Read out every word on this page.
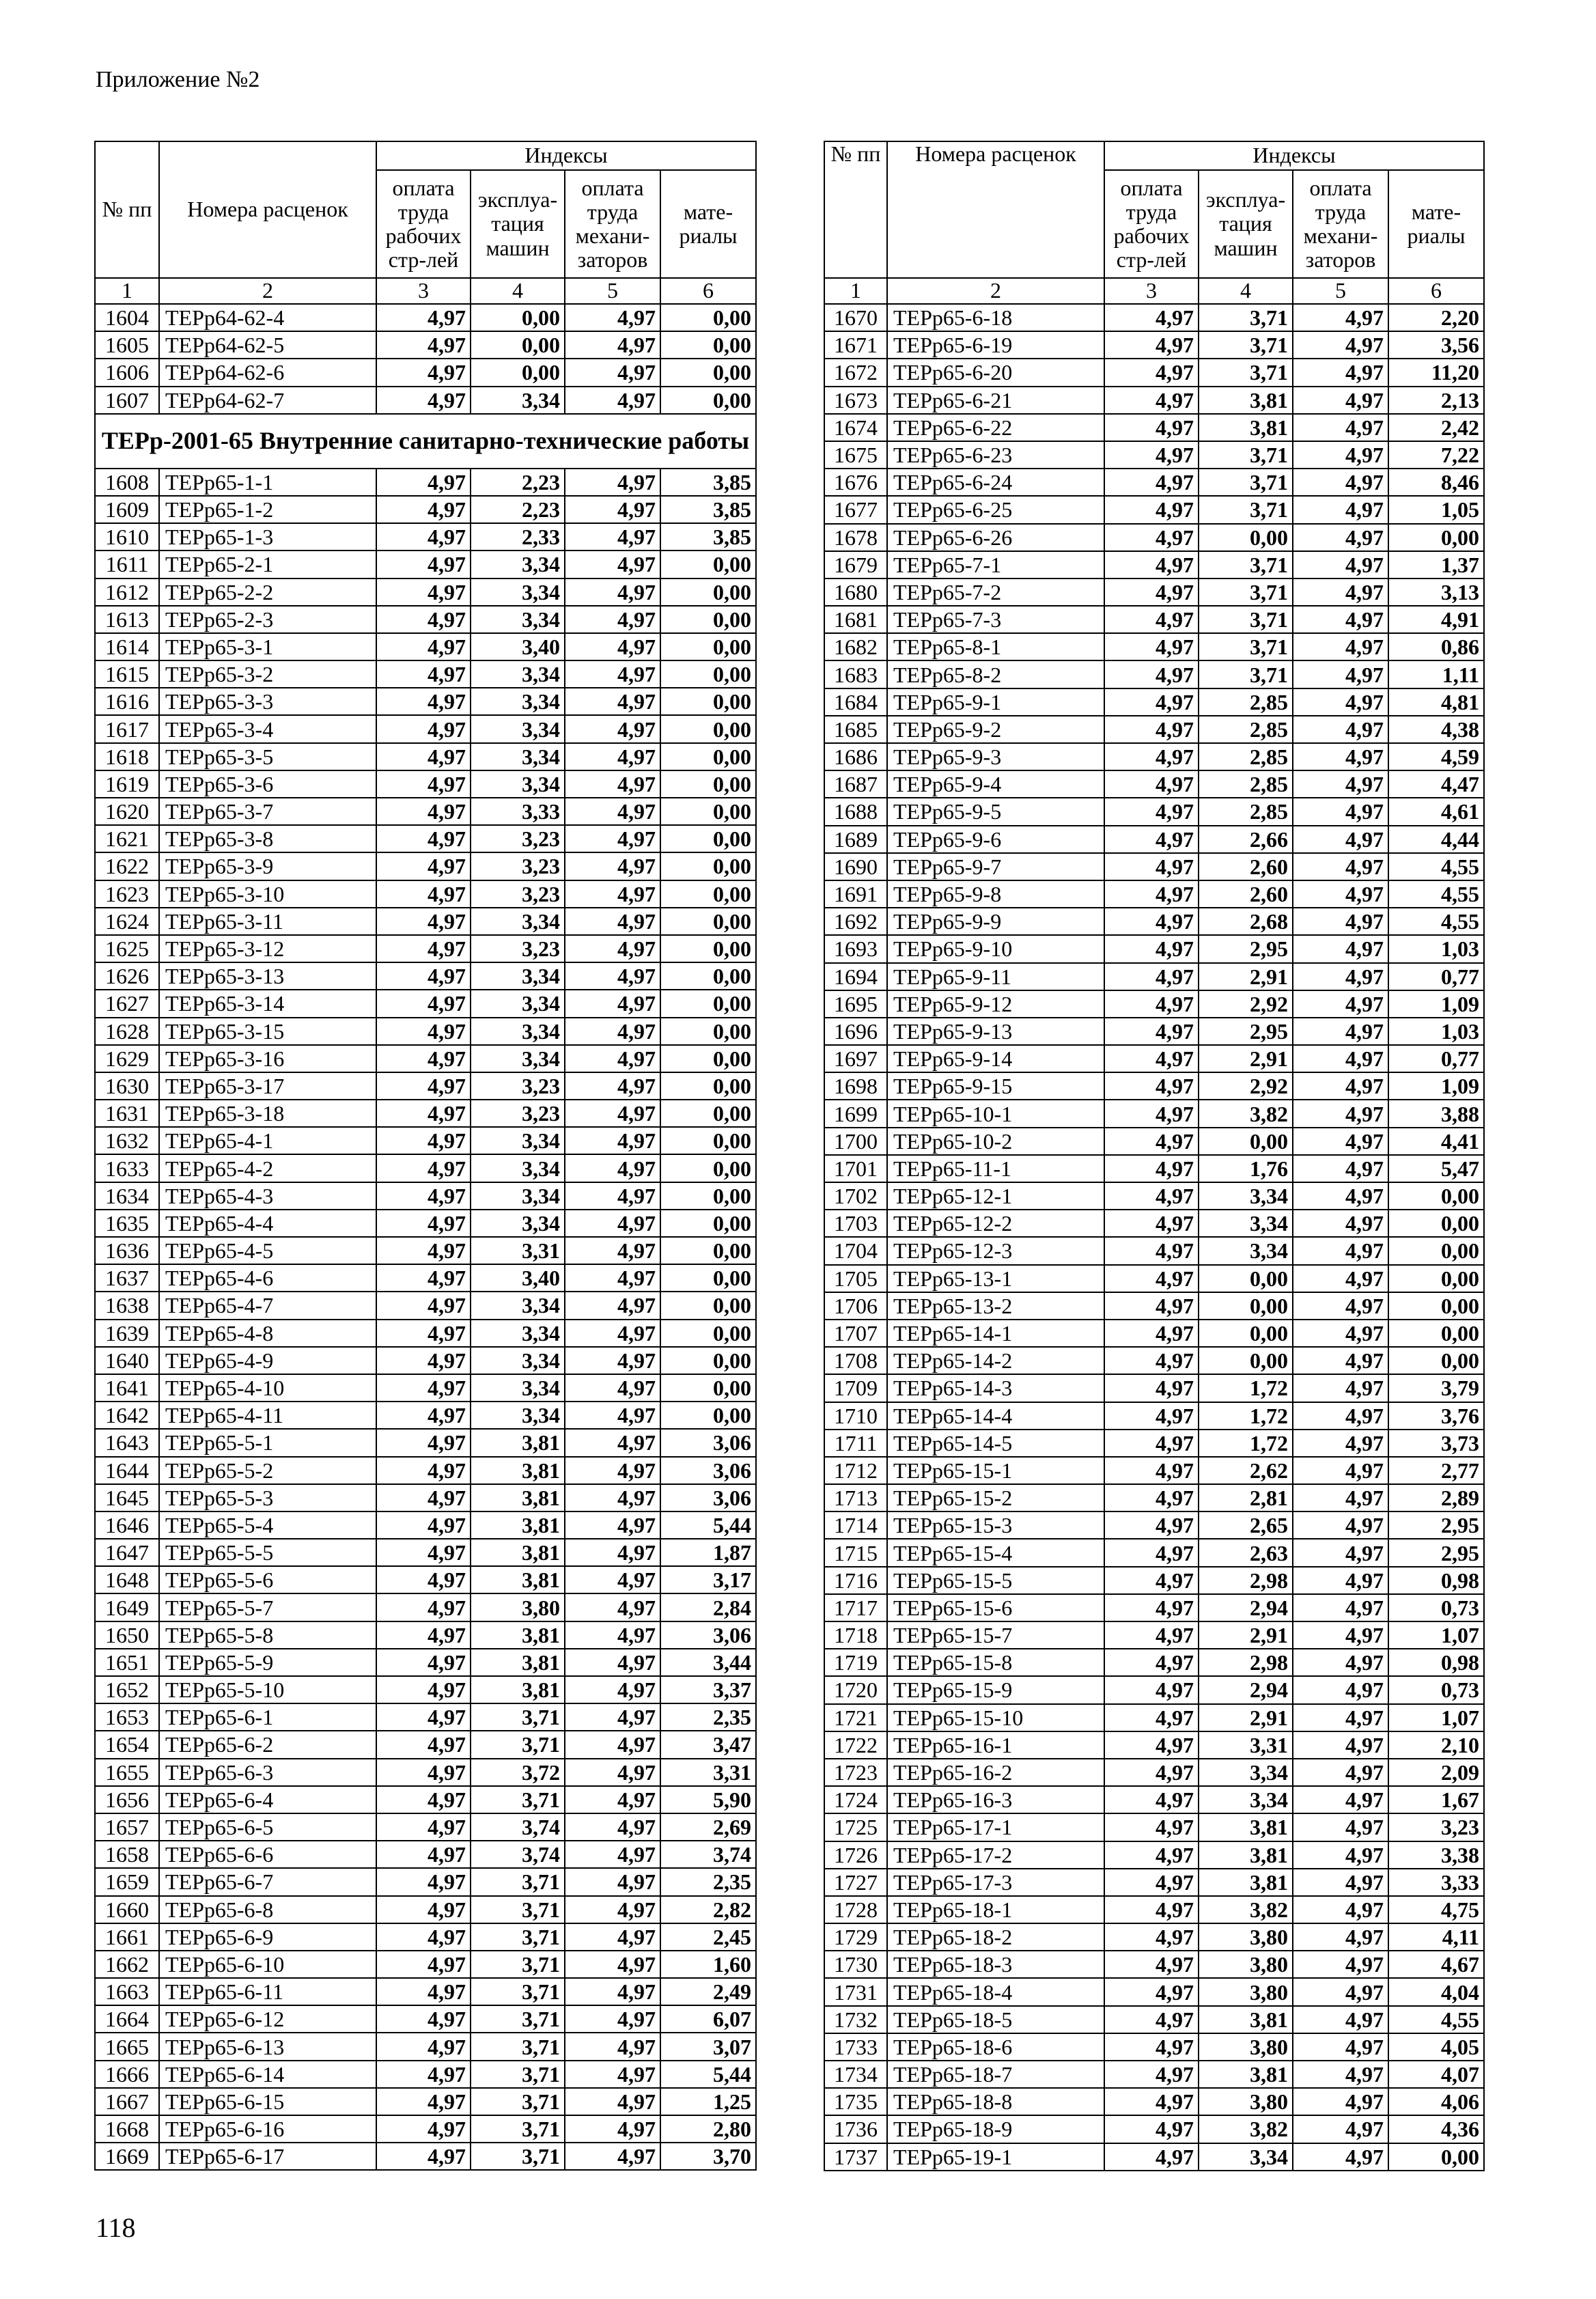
Приложение №2
№ пп	Номера расценок	Индексы			
		оплата труда рабочих стр-лей	эксплуа-тация машин	оплата труда механи-заторов	мате-риалы
1	2	3	4	5	6
1604	ТЕРр64-62-4	4,97	0,00	4,97	0,00
1605	ТЕРр64-62-5	4,97	0,00	4,97	0,00
1606	ТЕРр64-62-6	4,97	0,00	4,97	0,00
1607	ТЕРр64-62-7	4,97	3,34	4,97	0,00
ТЕРр-2001-65 Внутренние санитарно-технические работы					
1608	ТЕРр65-1-1	4,97	2,23	4,97	3,85
1609	ТЕРр65-1-2	4,97	2,23	4,97	3,85
1610	ТЕРр65-1-3	4,97	2,33	4,97	3,85
1611	ТЕРр65-2-1	4,97	3,34	4,97	0,00
1612	ТЕРр65-2-2	4,97	3,34	4,97	0,00
1613	ТЕРр65-2-3	4,97	3,34	4,97	0,00
1614	ТЕРр65-3-1	4,97	3,40	4,97	0,00
1615	ТЕРр65-3-2	4,97	3,34	4,97	0,00
1616	ТЕРр65-3-3	4,97	3,34	4,97	0,00
1617	ТЕРр65-3-4	4,97	3,34	4,97	0,00
1618	ТЕРр65-3-5	4,97	3,34	4,97	0,00
1619	ТЕРр65-3-6	4,97	3,34	4,97	0,00
1620	ТЕРр65-3-7	4,97	3,33	4,97	0,00
1621	ТЕРр65-3-8	4,97	3,23	4,97	0,00
1622	ТЕРр65-3-9	4,97	3,23	4,97	0,00
1623	ТЕРр65-3-10	4,97	3,23	4,97	0,00
1624	ТЕРр65-3-11	4,97	3,34	4,97	0,00
1625	ТЕРр65-3-12	4,97	3,23	4,97	0,00
1626	ТЕРр65-3-13	4,97	3,34	4,97	0,00
1627	ТЕРр65-3-14	4,97	3,34	4,97	0,00
1628	ТЕРр65-3-15	4,97	3,34	4,97	0,00
1629	ТЕРр65-3-16	4,97	3,34	4,97	0,00
1630	ТЕРр65-3-17	4,97	3,23	4,97	0,00
1631	ТЕРр65-3-18	4,97	3,23	4,97	0,00
1632	ТЕРр65-4-1	4,97	3,34	4,97	0,00
1633	ТЕРр65-4-2	4,97	3,34	4,97	0,00
1634	ТЕРр65-4-3	4,97	3,34	4,97	0,00
1635	ТЕРр65-4-4	4,97	3,34	4,97	0,00
1636	ТЕРр65-4-5	4,97	3,31	4,97	0,00
1637	ТЕРр65-4-6	4,97	3,40	4,97	0,00
1638	ТЕРр65-4-7	4,97	3,34	4,97	0,00
1639	ТЕРр65-4-8	4,97	3,34	4,97	0,00
1640	ТЕРр65-4-9	4,97	3,34	4,97	0,00
1641	ТЕРр65-4-10	4,97	3,34	4,97	0,00
1642	ТЕРр65-4-11	4,97	3,34	4,97	0,00
1643	ТЕРр65-5-1	4,97	3,81	4,97	3,06
1644	ТЕРр65-5-2	4,97	3,81	4,97	3,06
1645	ТЕРр65-5-3	4,97	3,81	4,97	3,06
1646	ТЕРр65-5-4	4,97	3,81	4,97	5,44
1647	ТЕРр65-5-5	4,97	3,81	4,97	1,87
1648	ТЕРр65-5-6	4,97	3,81	4,97	3,17
1649	ТЕРр65-5-7	4,97	3,80	4,97	2,84
1650	ТЕРр65-5-8	4,97	3,81	4,97	3,06
1651	ТЕРр65-5-9	4,97	3,81	4,97	3,44
1652	ТЕРр65-5-10	4,97	3,81	4,97	3,37
1653	ТЕРр65-6-1	4,97	3,71	4,97	2,35
1654	ТЕРр65-6-2	4,97	3,71	4,97	3,47
1655	ТЕРр65-6-3	4,97	3,72	4,97	3,31
1656	ТЕРр65-6-4	4,97	3,71	4,97	5,90
1657	ТЕРр65-6-5	4,97	3,74	4,97	2,69
1658	ТЕРр65-6-6	4,97	3,74	4,97	3,74
1659	ТЕРр65-6-7	4,97	3,71	4,97	2,35
1660	ТЕРр65-6-8	4,97	3,71	4,97	2,82
1661	ТЕРр65-6-9	4,97	3,71	4,97	2,45
1662	ТЕРр65-6-10	4,97	3,71	4,97	1,60
1663	ТЕРр65-6-11	4,97	3,71	4,97	2,49
1664	ТЕРр65-6-12	4,97	3,71	4,97	6,07
1665	ТЕРр65-6-13	4,97	3,71	4,97	3,07
1666	ТЕРр65-6-14	4,97	3,71	4,97	5,44
1667	ТЕРр65-6-15	4,97	3,71	4,97	1,25
1668	ТЕРр65-6-16	4,97	3,71	4,97	2,80
1669	ТЕРр65-6-17	4,97	3,71	4,97	3,70
№ пп	Номера расценок	Индексы			
		оплата труда рабочих стр-лей	эксплуа-тация машин	оплата труда механи-заторов	мате-риалы
1	2	3	4	5	6
1670	ТЕРр65-6-18	4,97	3,71	4,97	2,20
1671	ТЕРр65-6-19	4,97	3,71	4,97	3,56
1672	ТЕРр65-6-20	4,97	3,71	4,97	11,20
1673	ТЕРр65-6-21	4,97	3,81	4,97	2,13
1674	ТЕРр65-6-22	4,97	3,81	4,97	2,42
1675	ТЕРр65-6-23	4,97	3,71	4,97	7,22
1676	ТЕРр65-6-24	4,97	3,71	4,97	8,46
1677	ТЕРр65-6-25	4,97	3,71	4,97	1,05
1678	ТЕРр65-6-26	4,97	0,00	4,97	0,00
1679	ТЕРр65-7-1	4,97	3,71	4,97	1,37
1680	ТЕРр65-7-2	4,97	3,71	4,97	3,13
1681	ТЕРр65-7-3	4,97	3,71	4,97	4,91
1682	ТЕРр65-8-1	4,97	3,71	4,97	0,86
1683	ТЕРр65-8-2	4,97	3,71	4,97	1,11
1684	ТЕРр65-9-1	4,97	2,85	4,97	4,81
1685	ТЕРр65-9-2	4,97	2,85	4,97	4,38
1686	ТЕРр65-9-3	4,97	2,85	4,97	4,59
1687	ТЕРр65-9-4	4,97	2,85	4,97	4,47
1688	ТЕРр65-9-5	4,97	2,85	4,97	4,61
1689	ТЕРр65-9-6	4,97	2,66	4,97	4,44
1690	ТЕРр65-9-7	4,97	2,60	4,97	4,55
1691	ТЕРр65-9-8	4,97	2,60	4,97	4,55
1692	ТЕРр65-9-9	4,97	2,68	4,97	4,55
1693	ТЕРр65-9-10	4,97	2,95	4,97	1,03
1694	ТЕРр65-9-11	4,97	2,91	4,97	0,77
1695	ТЕРр65-9-12	4,97	2,92	4,97	1,09
1696	ТЕРр65-9-13	4,97	2,95	4,97	1,03
1697	ТЕРр65-9-14	4,97	2,91	4,97	0,77
1698	ТЕРр65-9-15	4,97	2,92	4,97	1,09
1699	ТЕРр65-10-1	4,97	3,82	4,97	3,88
1700	ТЕРр65-10-2	4,97	0,00	4,97	4,41
1701	ТЕРр65-11-1	4,97	1,76	4,97	5,47
1702	ТЕРр65-12-1	4,97	3,34	4,97	0,00
1703	ТЕРр65-12-2	4,97	3,34	4,97	0,00
1704	ТЕРр65-12-3	4,97	3,34	4,97	0,00
1705	ТЕРр65-13-1	4,97	0,00	4,97	0,00
1706	ТЕРр65-13-2	4,97	0,00	4,97	0,00
1707	ТЕРр65-14-1	4,97	0,00	4,97	0,00
1708	ТЕРр65-14-2	4,97	0,00	4,97	0,00
1709	ТЕРр65-14-3	4,97	1,72	4,97	3,79
1710	ТЕРр65-14-4	4,97	1,72	4,97	3,76
1711	ТЕРр65-14-5	4,97	1,72	4,97	3,73
1712	ТЕРр65-15-1	4,97	2,62	4,97	2,77
1713	ТЕРр65-15-2	4,97	2,81	4,97	2,89
1714	ТЕРр65-15-3	4,97	2,65	4,97	2,95
1715	ТЕРр65-15-4	4,97	2,63	4,97	2,95
1716	ТЕРр65-15-5	4,97	2,98	4,97	0,98
1717	ТЕРр65-15-6	4,97	2,94	4,97	0,73
1718	ТЕРр65-15-7	4,97	2,91	4,97	1,07
1719	ТЕРр65-15-8	4,97	2,98	4,97	0,98
1720	ТЕРр65-15-9	4,97	2,94	4,97	0,73
1721	ТЕРр65-15-10	4,97	2,91	4,97	1,07
1722	ТЕРр65-16-1	4,97	3,31	4,97	2,10
1723	ТЕРр65-16-2	4,97	3,34	4,97	2,09
1724	ТЕРр65-16-3	4,97	3,34	4,97	1,67
1725	ТЕРр65-17-1	4,97	3,81	4,97	3,23
1726	ТЕРр65-17-2	4,97	3,81	4,97	3,38
1727	ТЕРр65-17-3	4,97	3,81	4,97	3,33
1728	ТЕРр65-18-1	4,97	3,82	4,97	4,75
1729	ТЕРр65-18-2	4,97	3,80	4,97	4,11
1730	ТЕРр65-18-3	4,97	3,80	4,97	4,67
1731	ТЕРр65-18-4	4,97	3,80	4,97	4,04
1732	ТЕРр65-18-5	4,97	3,81	4,97	4,55
1733	ТЕРр65-18-6	4,97	3,80	4,97	4,05
1734	ТЕРр65-18-7	4,97	3,81	4,97	4,07
1735	ТЕРр65-18-8	4,97	3,80	4,97	4,06
1736	ТЕРр65-18-9	4,97	3,82	4,97	4,36
1737	ТЕРр65-19-1	4,97	3,34	4,97	0,00
118
